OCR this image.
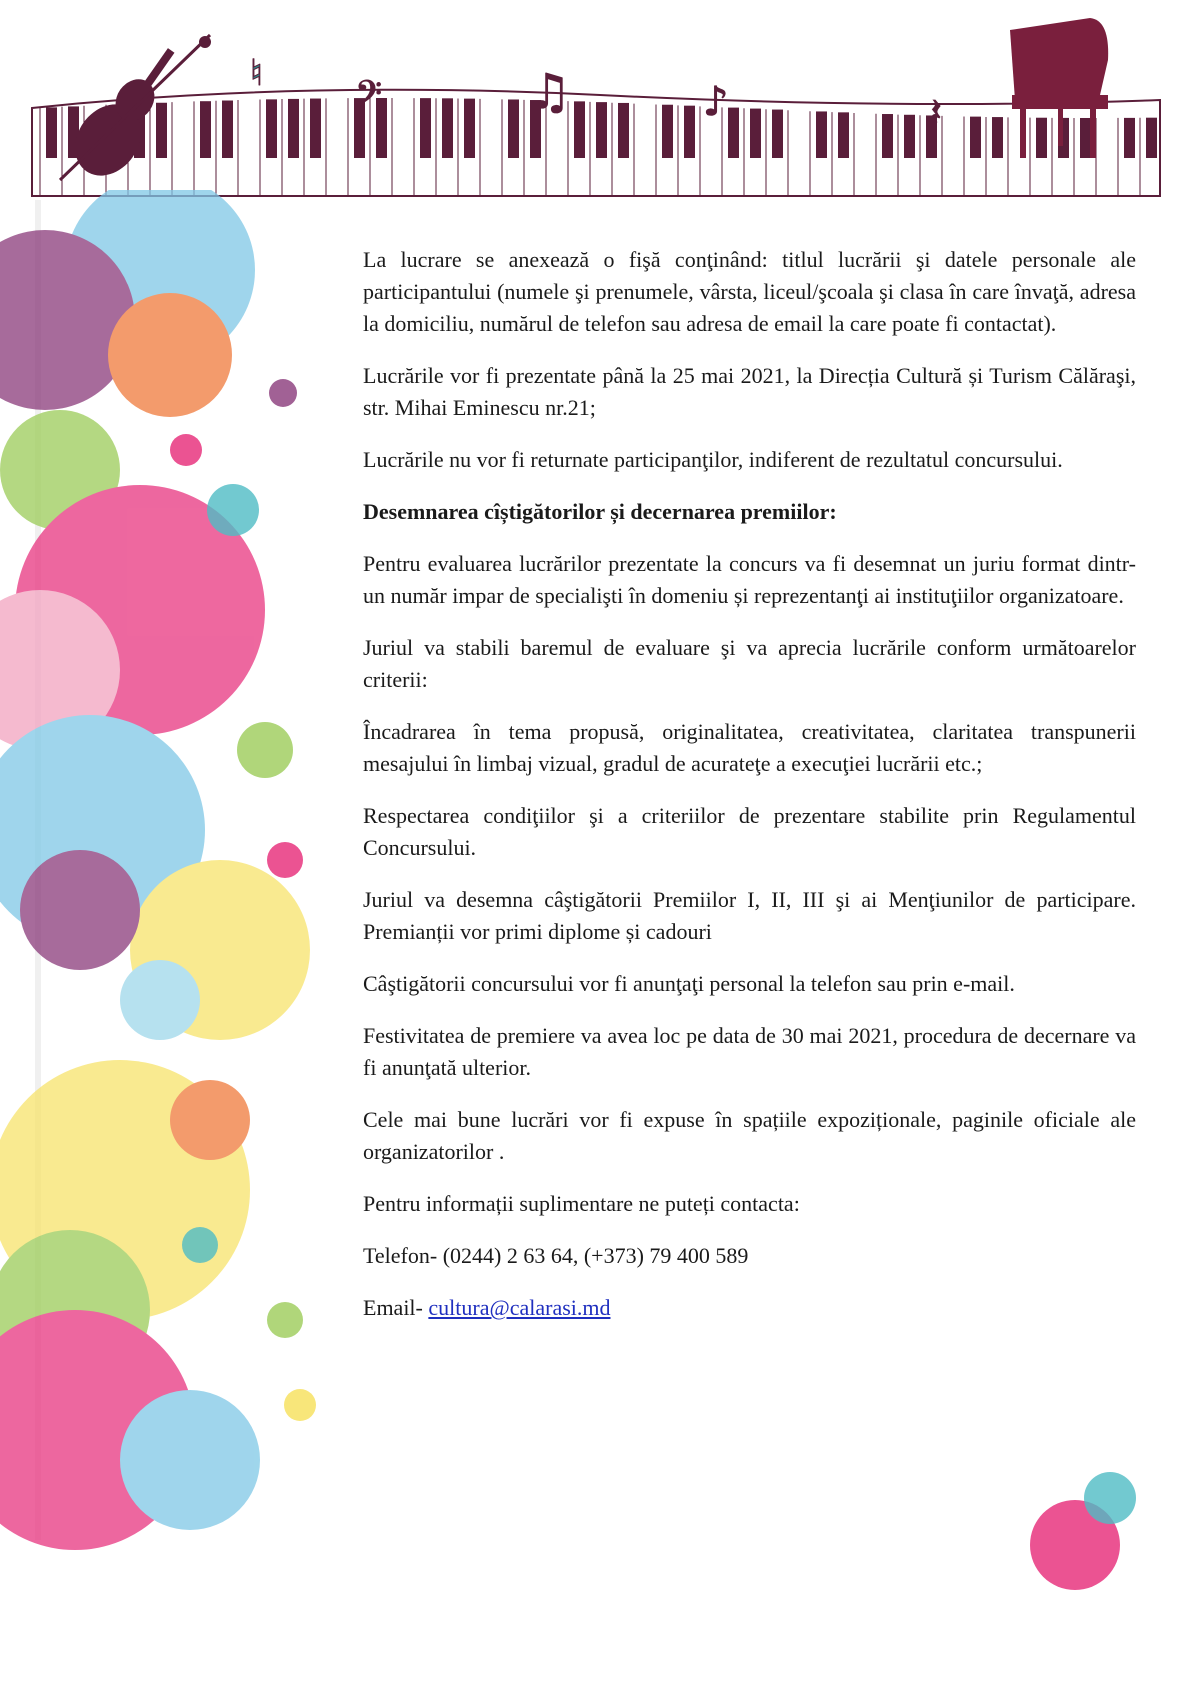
♮ 𝄢	♫	♪	𝄽

La lucrare se anexează o fişă conţinând: titlul lucrării şi datele personale ale participantului (numele şi prenumele, vârsta, liceul/şcoala şi clasa în care învaţă, adresa la domiciliu, numărul de telefon sau adresa de email la care poate fi contactat).

Lucrările vor fi prezentate până la 25 mai 2021, la Direcția Cultură și Turism Călăraşi, str. Mihai Eminescu nr.21;

Lucrările nu vor fi returnate participanţilor, indiferent de rezultatul concursului.

Desemnarea cîștigătorilor și decernarea premiilor:

Pentru evaluarea lucrărilor prezentate la concurs va fi desemnat un juriu format dintr-un număr impar de specialişti în domeniu și reprezentanţi ai instituţiilor organizatoare.

Juriul va stabili baremul de evaluare şi va aprecia lucrările conform următoarelor criterii:

Încadrarea în tema propusă, originalitatea, creativitatea, claritatea transpunerii mesajului în limbaj vizual, gradul de acurateţe a execuţiei lucrării etc.;

Respectarea condiţiilor şi a criteriilor de prezentare stabilite prin Regulamentul Concursului.

Juriul va desemna câştigătorii Premiilor I, II, III şi ai Menţiunilor de participare. Premianții vor primi diplome și cadouri

Câştigătorii concursului vor fi anunţaţi personal la telefon sau prin e-mail.

Festivitatea de premiere va avea loc pe data de 30 mai 2021, procedura de decernare va fi anunţată ulterior.

Cele mai bune lucrări vor fi expuse în spațiile expoziționale, paginile oficiale ale organizatorilor .

Pentru informații suplimentare ne puteți contacta:

Telefon- (0244) 2 63 64, (+373) 79 400 589

Email- cultura@calarasi.md
